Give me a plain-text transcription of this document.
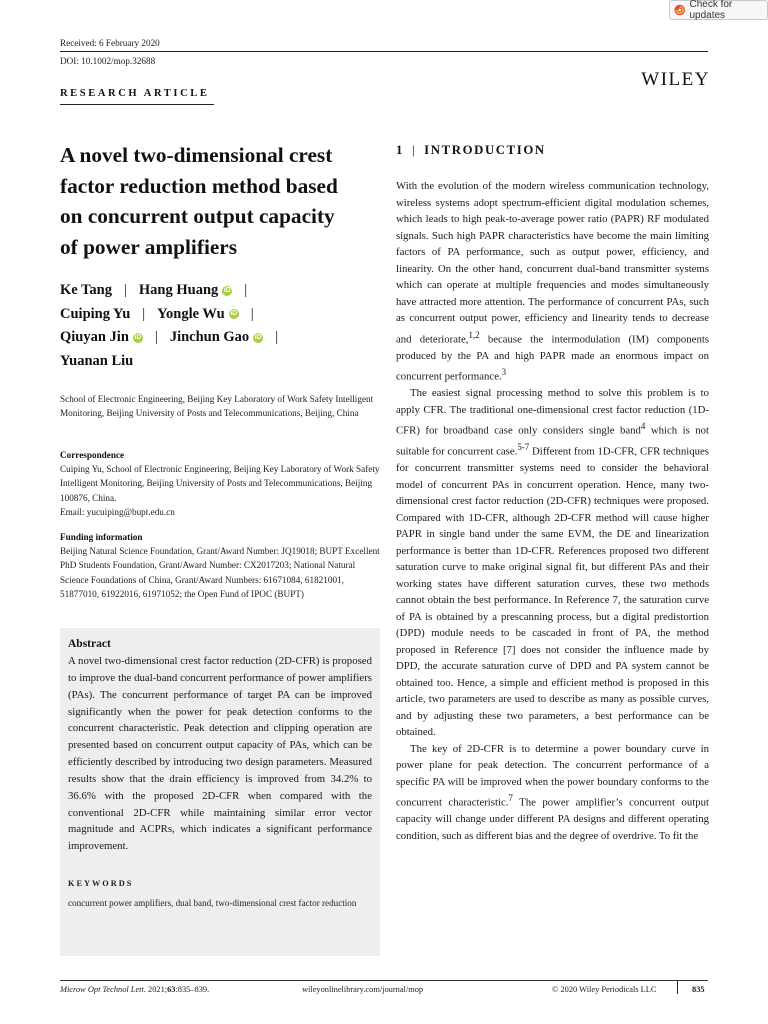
Check for updates
Received: 6 February 2020
DOI: 10.1002/mop.32688
WILEY
RESEARCH ARTICLE
A novel two-dimensional crest
factor reduction method based
on concurrent output capacity
of power amplifiers
Ke Tang | Hang Huang iD |
Cuiping Yu | Yongle Wu iD |
Qiuyan Jin iD | Jinchun Gao iD |
Yuanan Liu
School of Electronic Engineering, Beijing Key Laboratory of Work Safety Intelligent Monitoring, Beijing University of Posts and Telecommunications, Beijing, China
Correspondence
Cuiping Yu, School of Electronic Engineering, Beijing Key Laboratory of Work Safety Intelligent Monitoring, Beijing University of Posts and Telecommunications, Beijing 100876, China.
Email: yucuiping@bupt.edu.cn
Funding information
Beijing Natural Science Foundation, Grant/Award Number: JQ19018; BUPT Excellent PhD Students Foundation, Grant/Award Number: CX2017203; National Natural Science Foundations of China, Grant/Award Numbers: 61671084, 61821001, 51877010, 61922016, 61971052; the Open Fund of IPOC (BUPT)
Abstract
A novel two-dimensional crest factor reduction (2D-CFR) is proposed to improve the dual-band concurrent performance of power amplifiers (PAs). The concurrent performance of target PA can be improved significantly when the power for peak detection conforms to the concurrent characteristic. Peak detection and clipping operation are presented based on concurrent output capacity of PAs, which can be efficiently described by introducing two design parameters. Measured results show that the drain efficiency is improved from 34.2% to 36.6% with the proposed 2D-CFR when compared with the conventional 2D-CFR while maintaining similar error vector magnitude and ACPRs, which indicates a significant performance improvement.
KEYWORDS
concurrent power amplifiers, dual band, two-dimensional crest factor reduction
1 | INTRODUCTION

With the evolution of the modern wireless communication technology, wireless systems adopt spectrum-efficient digital modulation schemes, which leads to high peak-to-average power ratio (PAPR) RF modulated signals. Such high PAPR characteristics have become the main limiting factors of PA performance, such as output power, efficiency, and linearity. On the other hand, concurrent dual-band transmitter systems which can operate at multiple frequencies and modes simultaneously have attracted more attention. The performance of concurrent PAs, such as concurrent output power, efficiency and linearity tends to decrease and deteriorate,$^{1,2}$ because the intermodulation (IM) components produced by the PA and high PAPR made an enormous impact on concurrent performance.$^3$

The easiest signal processing method to solve this problem is to apply CFR. The traditional one-dimensional crest factor reduction (1D-CFR) for broadband case only considers single band$^4$ which is not suitable for concurrent case.$^{5-7}$ Different from 1D-CFR, CFR techniques for concurrent transmitter systems need to consider the behavioral model of concurrent PAs in concurrent operation. Hence, many two-dimensional crest factor reduction (2D-CFR) techniques were proposed. Compared with 1D-CFR, although 2D-CFR method will cause higher PAPR in single band under the same EVM, the DE and linearization performance is better than 1D-CFR. References proposed two different saturation curve to make original signal fit, but different PAs and their working states have different saturation curves, these two methods cannot obtain the best performance. In Reference 7, the saturation curve of PA is obtained by a prescanning process, but a digital predistortion (DPD) module needs to be cascaded in front of PA, the method proposed in Reference [7] does not consider the influence made by DPD, the accurate saturation curve of DPD and PA system cannot be obtained too. Hence, a simple and efficient method is proposed in this article, two parameters are used to describe as many as possible curves, and by adjusting these two parameters, a best performance can be obtained.

The key of 2D-CFR is to determine a power boundary curve in power plane for peak detection. The concurrent performance of a specific PA will be improved when the power boundary conforms to the concurrent characteristic.$^7$ The power amplifier’s concurrent output capacity will change under different PA designs and different operating condition, such as different bias and the degree of overdrive. To fit the

Microw Opt Technol Lett. 2021;63:835–839.	wileyonlinelibrary.com/journal/mop	© 2020 Wiley Periodicals LLC	835
